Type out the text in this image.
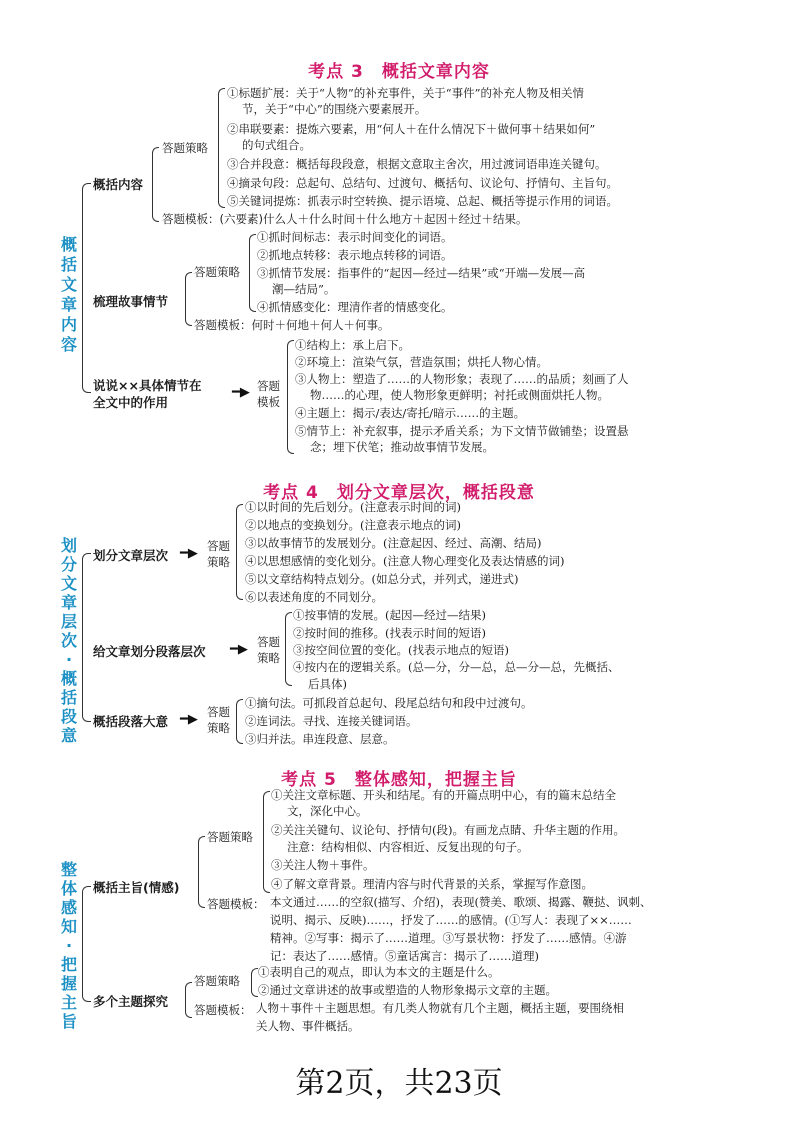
考点 3　概括文章内容
概
括
文
章
内
容
概括内容
答题策略
①标题扩展：关于“人物”的补充事件，关于“事件”的补充人物及相关情
节，关于“中心”的围绕六要素展开。
②串联要素：提炼六要素，用“何人＋在什么情况下＋做何事＋结果如何”
的句式组合。
③合并段意：概括每段段意，根据文意取主舍次，用过渡词语串连关键句。
④摘录句段：总起句、总结句、过渡句、概括句、议论句、抒情句、主旨句。
⑤关键词提炼：抓表示时空转换、提示语境、总起、概括等提示作用的词语。
答题模板：(六要素)什么人＋什么时间＋什么地方＋起因＋经过＋结果。
梳理故事情节
答题策略
①抓时间标志：表示时间变化的词语。
②抓地点转移：表示地点转移的词语。
③抓情节发展：指事件的“起因—经过—结果”或“开端—发展—高
潮—结局”。
④抓情感变化：理清作者的情感变化。
答题模板：何时＋何地＋何人＋何事。
说说××具体情节在
全文中的作用
━▶ 答题
模板
①结构上：承上启下。
②环境上：渲染气氛，营造氛围；烘托人物心情。
③人物上：塑造了……的人物形象；表现了……的品质；刻画了人
物……的心理，使人物形象更鲜明；衬托或侧面烘托人物。
④主题上：揭示/表达/寄托/暗示……的主题。
⑤情节上：补充叙事，提示矛盾关系；为下文情节做铺垫；设置悬
念；埋下伏笔；推动故事情节发展。
考点 4　划分文章层次，概括段意
划
分
文
章
层
次
·
概
括
段
意
划分文章层次 ━▶ 答题
策略
①以时间的先后划分。(注意表示时间的词)
②以地点的变换划分。(注意表示地点的词)
③以故事情节的发展划分。(注意起因、经过、高潮、结局)
④以思想感情的变化划分。(注意人物心理变化及表达情感的词)
⑤以文章结构特点划分。(如总分式，并列式，递进式)
⑥以表述角度的不同划分。
给文章划分段落层次 ━▶ 答题
策略
①按事情的发展。(起因—经过—结果)
②按时间的推移。(找表示时间的短语)
③按空间位置的变化。(找表示地点的短语)
④按内在的逻辑关系。(总—分，分—总，总—分—总，先概括、
后具体)
概括段落大意 ━▶ 答题
策略
①摘句法。可抓段首总起句、段尾总结句和段中过渡句。
②连词法。寻找、连接关键词语。
③归并法。串连段意、层意。
考点 5　整体感知，把握主旨
整
体
感
知
·
把
握
主
旨
概括主旨(情感)
答题策略
①关注文章标题、开头和结尾。有的开篇点明中心，有的篇末总结全
文，深化中心。
②关注关键句、议论句、抒情句(段)。有画龙点睛、升华主题的作用。
注意：结构相似、内容相近、反复出现的句子。
③关注人物＋事件。
④了解文章背景。理清内容与时代背景的关系，掌握写作意图。
答题模板： 本文通过……的空叙(描写、介绍)，表现(赞美、歌颂、揭露、鞭挞、讽刺、
说明、揭示、反映)……，抒发了……的感情。(①写人：表现了××……
精神。②写事：揭示了……道理。③写景状物：抒发了……感情。④游
记：表达了……感情。⑤童话寓言：揭示了……道理)
多个主题探究
答题策略
①表明自己的观点，即认为本文的主题是什么。
②通过文章讲述的故事或塑造的人物形象揭示文章的主题。
答题模板： 人物＋事件＋主题思想。有几类人物就有几个主题，概括主题，要围绕相
关人物、事件概括。
第2页，共23页
